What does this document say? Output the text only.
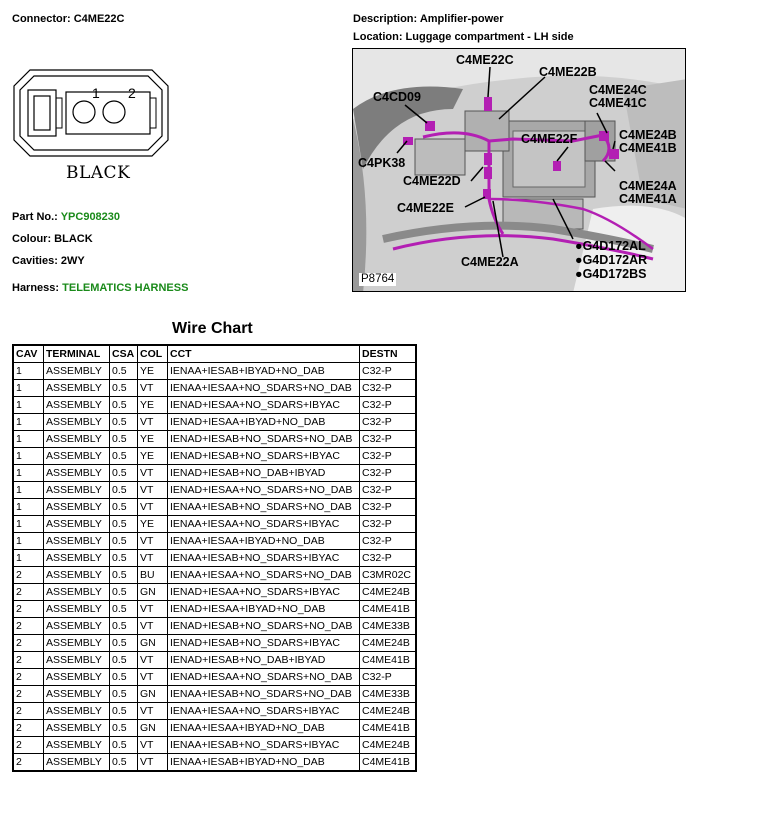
Connector: C4ME22C	Description: Amplifier-power
Location: Luggage compartment - LH side
1 2
BLACK
Part No.: YPC908230
Colour: BLACK
Cavities: 2WY
Harness: TELEMATICS HARNESS
C4ME22C
C4ME22B
C4CD09	C4ME24C
C4ME41C
C4ME22F	C4ME24B
C4ME41B
C4PK38
C4ME22D	C4ME24A
C4ME41A
C4ME22E
●G4D172AL
●G4D172AR
●G4D172BS
C4ME22A
P8764
Wire Chart
CAV	TERMINAL	CSA	COL	CCT	DESTN
1	ASSEMBLY	0.5	YE	IENAA+IESAB+IBYAD+NO_DAB	C32-P
1	ASSEMBLY	0.5	VT	IENAA+IESAA+NO_SDARS+NO_DAB	C32-P
1	ASSEMBLY	0.5	YE	IENAD+IESAA+NO_SDARS+IBYAC	C32-P
1	ASSEMBLY	0.5	VT	IENAD+IESAA+IBYAD+NO_DAB	C32-P
1	ASSEMBLY	0.5	YE	IENAD+IESAB+NO_SDARS+NO_DAB	C32-P
1	ASSEMBLY	0.5	YE	IENAD+IESAB+NO_SDARS+IBYAC	C32-P
1	ASSEMBLY	0.5	VT	IENAD+IESAB+NO_DAB+IBYAD	C32-P
1	ASSEMBLY	0.5	VT	IENAD+IESAA+NO_SDARS+NO_DAB	C32-P
1	ASSEMBLY	0.5	VT	IENAA+IESAB+NO_SDARS+NO_DAB	C32-P
1	ASSEMBLY	0.5	YE	IENAA+IESAA+NO_SDARS+IBYAC	C32-P
1	ASSEMBLY	0.5	VT	IENAA+IESAA+IBYAD+NO_DAB	C32-P
1	ASSEMBLY	0.5	VT	IENAA+IESAB+NO_SDARS+IBYAC	C32-P
2	ASSEMBLY	0.5	BU	IENAA+IESAA+NO_SDARS+NO_DAB	C3MR02C
2	ASSEMBLY	0.5	GN	IENAD+IESAA+NO_SDARS+IBYAC	C4ME24B
2	ASSEMBLY	0.5	VT	IENAD+IESAA+IBYAD+NO_DAB	C4ME41B
2	ASSEMBLY	0.5	VT	IENAD+IESAB+NO_SDARS+NO_DAB	C4ME33B
2	ASSEMBLY	0.5	GN	IENAD+IESAB+NO_SDARS+IBYAC	C4ME24B
2	ASSEMBLY	0.5	VT	IENAD+IESAB+NO_DAB+IBYAD	C4ME41B
2	ASSEMBLY	0.5	VT	IENAD+IESAA+NO_SDARS+NO_DAB	C32-P
2	ASSEMBLY	0.5	GN	IENAA+IESAB+NO_SDARS+NO_DAB	C4ME33B
2	ASSEMBLY	0.5	VT	IENAA+IESAA+NO_SDARS+IBYAC	C4ME24B
2	ASSEMBLY	0.5	GN	IENAA+IESAA+IBYAD+NO_DAB	C4ME41B
2	ASSEMBLY	0.5	VT	IENAA+IESAB+NO_SDARS+IBYAC	C4ME24B
2	ASSEMBLY	0.5	VT	IENAA+IESAB+IBYAD+NO_DAB	C4ME41B
